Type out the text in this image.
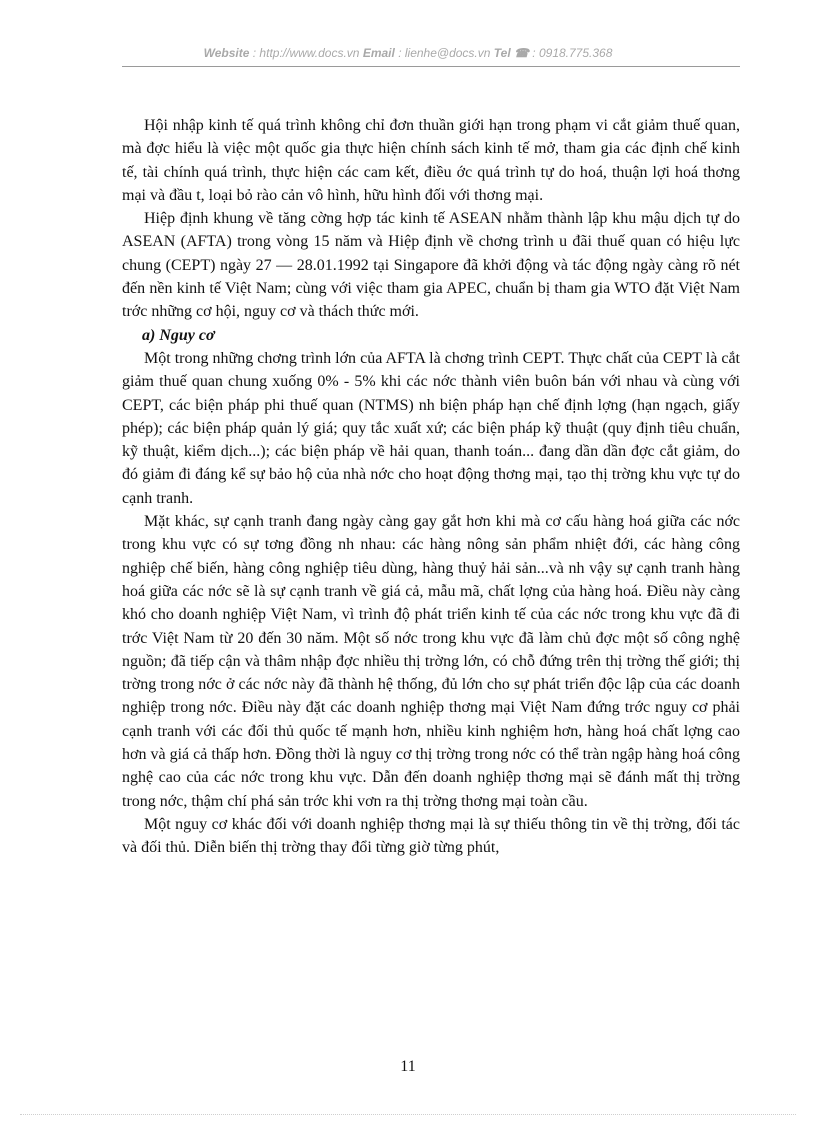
Website : http://www.docs.vn Email : lienhe@docs.vn Tel ☎ : 0918.775.368

Hội nhập kinh tế quá trình không chỉ đơn thuần giới hạn trong phạm vi cắt giảm thuế quan, mà đợc hiểu là việc một quốc gia thực hiện chính sách kinh tế mở, tham gia các định chế kinh tế, tài chính quá trình, thực hiện các cam kết, điều ớc quá trình tự do hoá, thuận lợi hoá thơng mại và đầu t, loại bỏ rào cản vô hình, hữu hình đối với thơng mại.

Hiệp định khung về tăng cờng hợp tác kinh tế ASEAN nhằm thành lập khu mậu dịch tự do ASEAN (AFTA) trong vòng 15 năm và Hiệp định về chơng trình u đãi thuế quan có hiệu lực chung (CEPT) ngày 27 — 28.01.1992 tại Singapore đã khởi động và tác động ngày càng rõ nét đến nền kinh tế Việt Nam; cùng với việc tham gia APEC, chuẩn bị tham gia WTO đặt Việt Nam trớc những cơ hội, nguy cơ và thách thức mới.

a) Nguy cơ

Một trong những chơng trình lớn của AFTA là chơng trình CEPT. Thực chất của CEPT là cắt giảm thuế quan chung xuống 0% - 5% khi các nớc thành viên buôn bán với nhau và cùng với CEPT, các biện pháp phi thuế quan (NTMS) nh biện pháp hạn chế định lợng (hạn ngạch, giấy phép); các biện pháp quản lý giá; quy tắc xuất xứ; các biện pháp kỹ thuật (quy định tiêu chuẩn, kỹ thuật, kiểm dịch...); các biện pháp về hải quan, thanh toán... đang dần dần đợc cắt giảm, do đó giảm đi đáng kể sự bảo hộ của nhà nớc cho hoạt động thơng mại, tạo thị trờng khu vực tự do cạnh tranh.

Mặt khác, sự cạnh tranh đang ngày càng gay gắt hơn khi mà cơ cấu hàng hoá giữa các nớc trong khu vực có sự tơng đồng nh nhau: các hàng nông sản phẩm nhiệt đới, các hàng công nghiệp chế biến, hàng công nghiệp tiêu dùng, hàng thuỷ hải sản...và nh vậy sự cạnh tranh hàng hoá giữa các nớc sẽ là sự cạnh tranh về giá cả, mẫu mã, chất lợng của hàng hoá. Điều này càng khó cho doanh nghiệp Việt Nam, vì trình độ phát triển kinh tế của các nớc trong khu vực đã đi trớc Việt Nam từ 20 đến 30 năm. Một số nớc trong khu vực đã làm chủ đợc một số công nghệ nguồn; đã tiếp cận và thâm nhập đợc nhiều thị trờng lớn, có chỗ đứng trên thị trờng thế giới; thị trờng trong nớc ở các nớc này đã thành hệ thống, đủ lớn cho sự phát triển độc lập của các doanh nghiệp trong nớc. Điều này đặt các doanh nghiệp thơng mại Việt Nam đứng trớc nguy cơ phải cạnh tranh với các đối thủ quốc tế mạnh hơn, nhiều kinh nghiệm hơn, hàng hoá chất lợng cao hơn và giá cả thấp hơn. Đồng thời là nguy cơ thị trờng trong nớc có thể tràn ngập hàng hoá công nghệ cao của các nớc trong khu vực. Dẫn đến doanh nghiệp thơng mại sẽ đánh mất thị trờng trong nớc, thậm chí phá sản trớc khi vơn ra thị trờng thơng mại toàn cầu.

Một nguy cơ khác đối với doanh nghiệp thơng mại là sự thiếu thông tin về thị trờng, đối tác và đối thủ. Diễn biến thị trờng thay đổi từng giờ từng phút,

11
